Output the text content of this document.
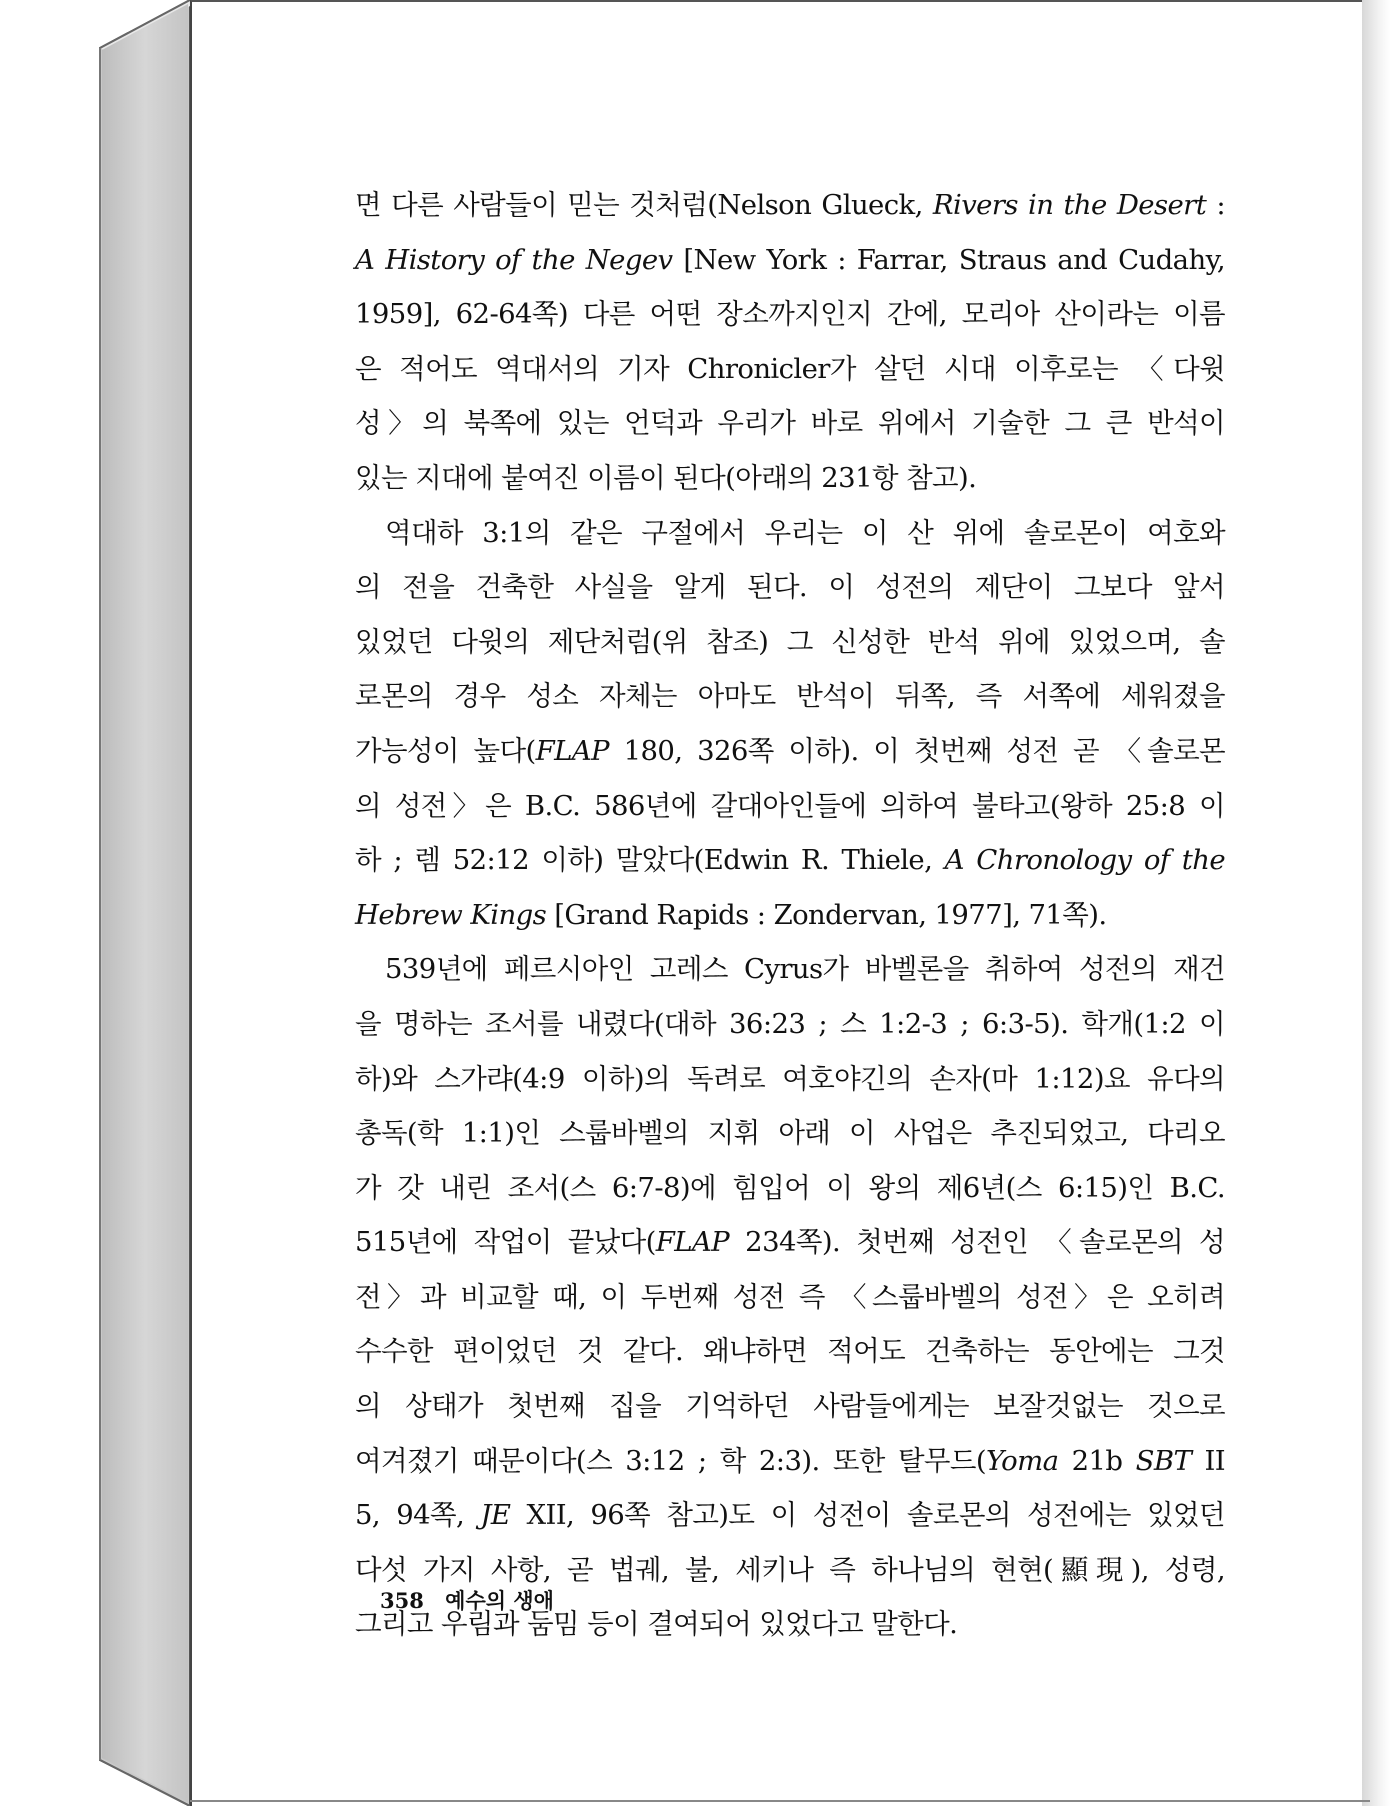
면 다른 사람들이 믿는 것처럼(Nelson Glueck, Rivers in the Desert :
A History of the Negev [New York : Farrar, Straus and Cudahy,
1959], 62-64쪽) 다른 어떤 장소까지인지 간에, 모리아 산이라는 이름
은 적어도 역대서의 기자 Chronicler가 살던 시대 이후로는 〈다윗
성〉의 북쪽에 있는 언덕과 우리가 바로 위에서 기술한 그 큰 반석이
있는 지대에 붙여진 이름이 된다(아래의 231항 참고).
역대하 3:1의 같은 구절에서 우리는 이 산 위에 솔로몬이 여호와
의 전을 건축한 사실을 알게 된다. 이 성전의 제단이 그보다 앞서
있었던 다윗의 제단처럼(위 참조) 그 신성한 반석 위에 있었으며, 솔
로몬의 경우 성소 자체는 아마도 반석이 뒤쪽, 즉 서쪽에 세워졌을
가능성이 높다(FLAP 180, 326쪽 이하). 이 첫번째 성전 곧 〈솔로몬
의 성전〉은 B.C. 586년에 갈대아인들에 의하여 불타고(왕하 25:8 이
하 ; 렘 52:12 이하) 말았다(Edwin R. Thiele, A Chronology of the
Hebrew Kings [Grand Rapids : Zondervan, 1977], 71쪽).
539년에 페르시아인 고레스 Cyrus가 바벨론을 취하여 성전의 재건
을 명하는 조서를 내렸다(대하 36:23 ; 스 1:2-3 ; 6:3-5). 학개(1:2 이
하)와 스가랴(4:9 이하)의 독려로 여호야긴의 손자(마 1:12)요 유다의
총독(학 1:1)인 스룹바벨의 지휘 아래 이 사업은 추진되었고, 다리오
가 갓 내린 조서(스 6:7-8)에 힘입어 이 왕의 제6년(스 6:15)인 B.C.
515년에 작업이 끝났다(FLAP 234쪽). 첫번째 성전인 〈솔로몬의 성
전〉과 비교할 때, 이 두번째 성전 즉 〈스룹바벨의 성전〉은 오히려
수수한 편이었던 것 같다. 왜냐하면 적어도 건축하는 동안에는 그것
의 상태가 첫번째 집을 기억하던 사람들에게는 보잘것없는 것으로
여겨졌기 때문이다(스 3:12 ; 학 2:3). 또한 탈무드(Yoma 21b SBT II
5, 94쪽, JE XII, 96쪽 참고)도 이 성전이 솔로몬의 성전에는 있었던
다섯 가지 사항, 곧 법궤, 불, 세키나 즉 하나님의 현현(顯現), 성령,
그리고 우림과 둠밈 등이 결여되어 있었다고 말한다.
358 예수의 생애
